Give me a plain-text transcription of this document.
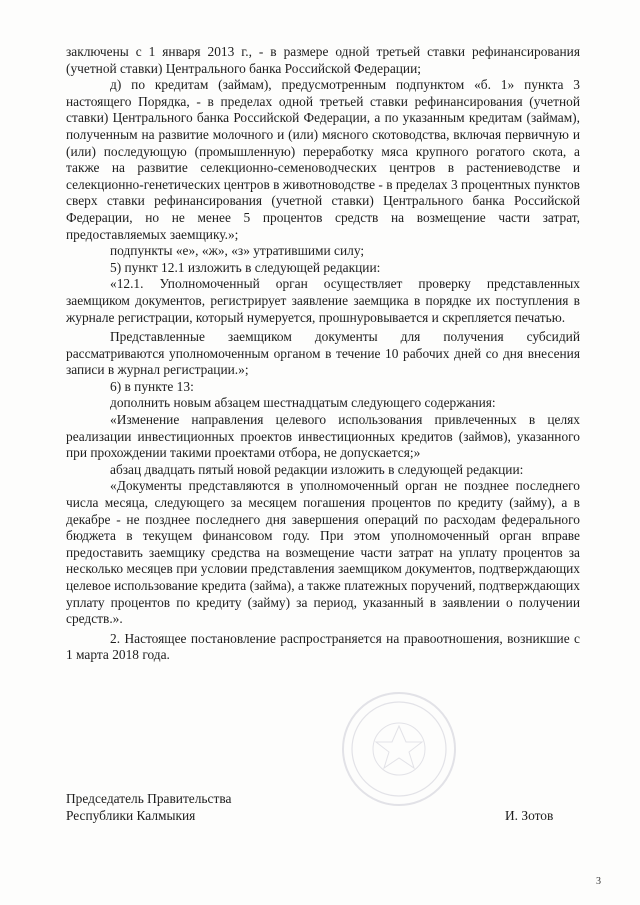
заключены с 1 января 2013 г., - в размере одной третьей ставки рефинансирования (учетной ставки) Центрального банка Российской Федерации;

д) по кредитам (займам), предусмотренным подпунктом «б. 1» пункта 3 настоящего Порядка, - в пределах одной третьей ставки рефинансирования (учетной ставки) Центрального банка Российской Федерации, а по указанным кредитам (займам), полученным на развитие молочного и (или) мясного скотоводства, включая первичную и (или) последующую (промышленную) переработку мяса крупного рогатого скота, а также на развитие селекционно-семеноводческих центров в растениеводстве и селекционно-генетических центров в животноводстве - в пределах 3 процентных пунктов сверх ставки рефинансирования (учетной ставки) Центрального банка Российской Федерации, но не менее 5 процентов средств на возмещение части затрат, предоставляемых заемщику.»;

подпункты «е», «ж», «з» утратившими силу;

5) пункт 12.1 изложить в следующей редакции:

«12.1. Уполномоченный орган осуществляет проверку представленных заемщиком документов, регистрирует заявление заемщика в порядке их поступления в журнале регистрации, который нумеруется, прошнуровывается и скрепляется печатью.

Представленные заемщиком документы для получения субсидий рассматриваются уполномоченным органом в течение 10 рабочих дней со дня внесения записи в журнал регистрации.»;

6) в пункте 13:

дополнить новым абзацем шестнадцатым следующего содержания:

«Изменение направления целевого использования привлеченных в целях реализации инвестиционных проектов инвестиционных кредитов (займов), указанного при прохождении такими проектами отбора, не допускается;»

абзац двадцать пятый новой редакции изложить в следующей редакции:

«Документы представляются в уполномоченный орган не позднее последнего числа месяца, следующего за месяцем погашения процентов по кредиту (займу), а в декабре - не позднее последнего дня завершения операций по расходам федерального бюджета в текущем финансовом году. При этом уполномоченный орган вправе предоставить заемщику средства на возмещение части затрат на уплату процентов за несколько месяцев при условии представления заемщиком документов, подтверждающих целевое использование кредита (займа), а также платежных поручений, подтверждающих уплату процентов по кредиту (займу) за период, указанный в заявлении о получении средств.».

2. Настоящее постановление распространяется на правоотношения, возникшие с 1 марта 2018 года.

Председатель Правительства
Республики Калмыкия	И. Зотов
3
